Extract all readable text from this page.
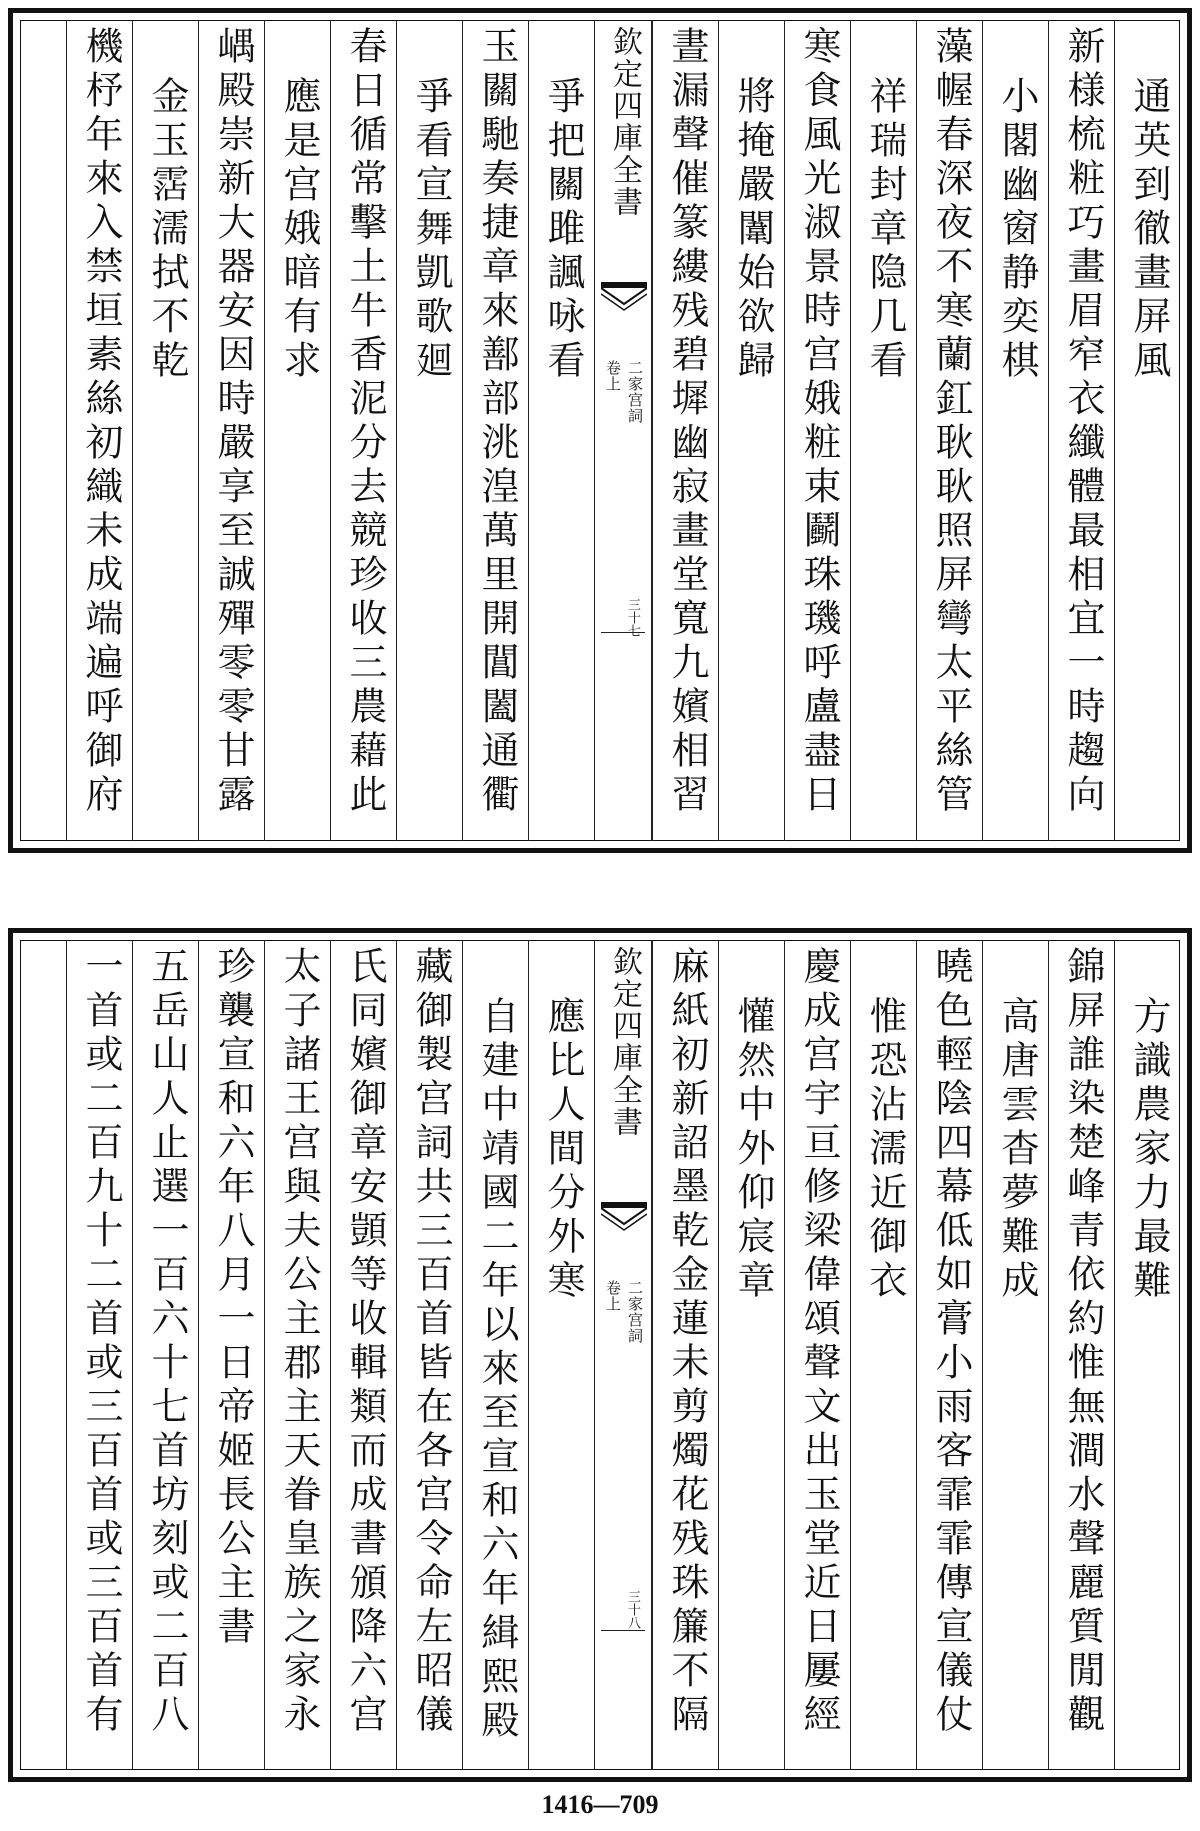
通英到徹畫屏風
新様梳粧巧畫眉窄衣纖體最相宜一時趨向
小閣幽窗静奕棋
藻幄春深夜不寒蘭釭耿耿照屏彎太平絲管
祥瑞封章隐几看
寒食風光淑景時宫娥粧束鬬珠璣呼盧盡日
將掩嚴闈始欲歸
晝漏聲催篆縷残碧墀幽寂畫堂寬九嬪相習
欽定四庫全書
二家宫詞
卷上
三十七
爭把關雎諷咏看
玉關馳奏捷章來鄯部洮湟萬里開閶闔通衢
爭看宣舞凱歌廻
春日循常擊土牛香泥分去競珍收三農藉此
應是宫娥暗有求
嵎殿崇新大器安因時嚴享至誠殫零零甘露
金玉霑濡拭不乾
機杼年來入禁垣素絲初織未成端遍呼御府
方識農家力最難
錦屏誰染楚峰青依約惟無澗水聲麗質閒觀
高唐雲杳夢難成
曉色輕陰四幕低如膏小雨客霏霏傳宣儀仗
惟恐沾濡近御衣
慶成宫宇亘修梁偉頌聲文出玉堂近日屢經
懽然中外仰宸章
麻紙初新詔墨乾金蓮未剪燭花残珠簾不隔
欽定四庫全書
二家宫詞
卷上
三十八
應比人間分外寒
自建中靖國二年以來至宣和六年緝熙殿
藏御製宫詞共三百首皆在各宫令命左昭儀
氏同嬪御章安顗等收輯類而成書頒降六宫
太子諸王宫與夫公主郡主天眷皇族之家永
珍襲宣和六年八月一日帝姬長公主書
五岳山人止選一百六十七首坊刻或二百八
一首或二百九十二首或三百首或三百首有
1416—709
